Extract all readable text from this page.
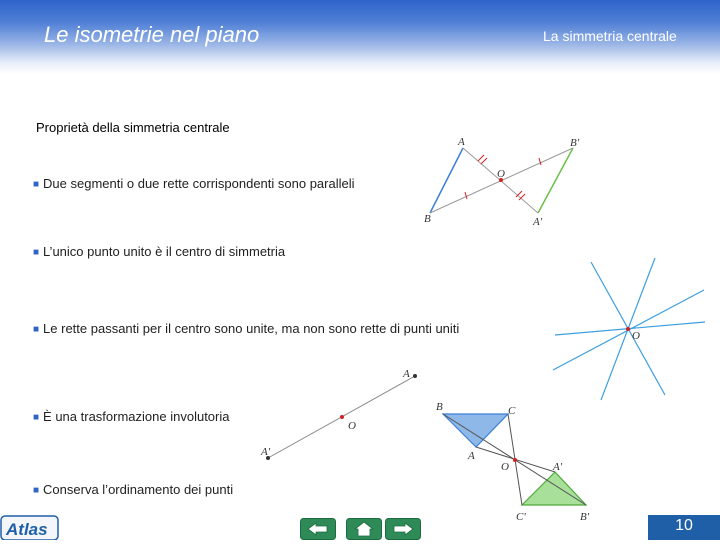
Le isometrie nel piano	La simmetria centrale
Proprietà della simmetria centrale
■ Due segmenti o due rette corrispondenti sono paralleli
■ L’unico punto unito è il centro di simmetria
■ Le rette passanti per il centro sono unite, ma non sono rette di punti uniti
■ È una trasformazione involutoria
■ Conserva l’ordinamento dei punti
A
B
O
A'
B'
O
A
O
A'
B	C
A
O	A'
C'	B'
Atlas	10
